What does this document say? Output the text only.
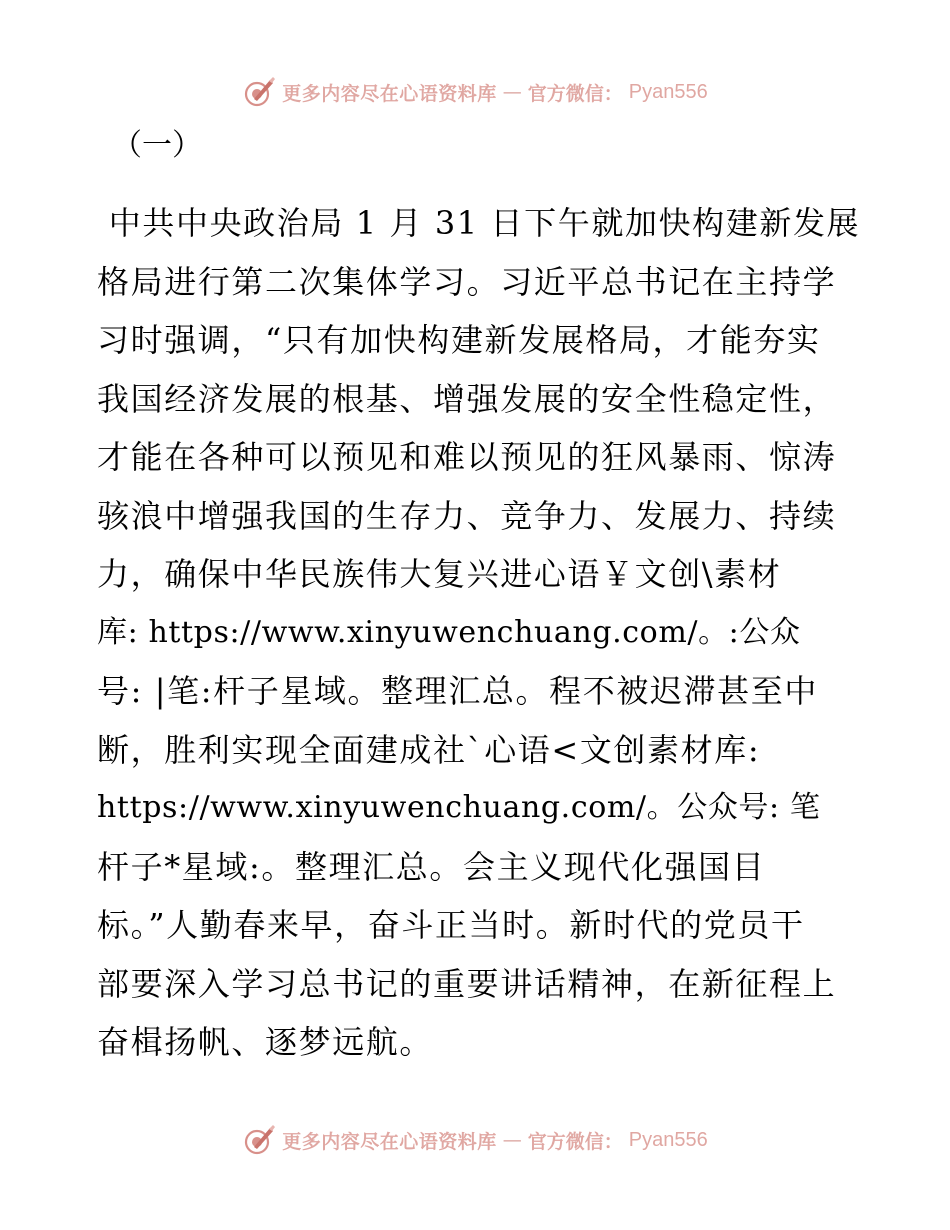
更多内容尽在心语资料库 — 官方微信： Pyan556
（一）
中共中央政治局 1 月 31 日下午就加快构建新发展
格局进行第二次集体学习。习近平总书记在主持学
习时强调，“只有加快构建新发展格局，才能夯实
我国经济发展的根基、增强发展的安全性稳定性，
才能在各种可以预见和难以预见的狂风暴雨、惊涛
骇浪中增强我国的生存力、竞争力、发展力、持续
力，确保中华民族伟大复兴进心语￥文创\素材
库: https://www.xinyuwenchuang.com/。:公众
号: |笔:杆子星域。整理汇总。程不被迟滞甚至中
断，胜利实现全面建成社`心语<文创素材库:
https://www.xinyuwenchuang.com/。公众号: 笔
杆子*星域:。整理汇总。会主义现代化强国目
标。”人勤春来早，奋斗正当时。新时代的党员干
部要深入学习总书记的重要讲话精神，在新征程上
奋楫扬帆、逐梦远航。
更多内容尽在心语资料库 — 官方微信： Pyan556
